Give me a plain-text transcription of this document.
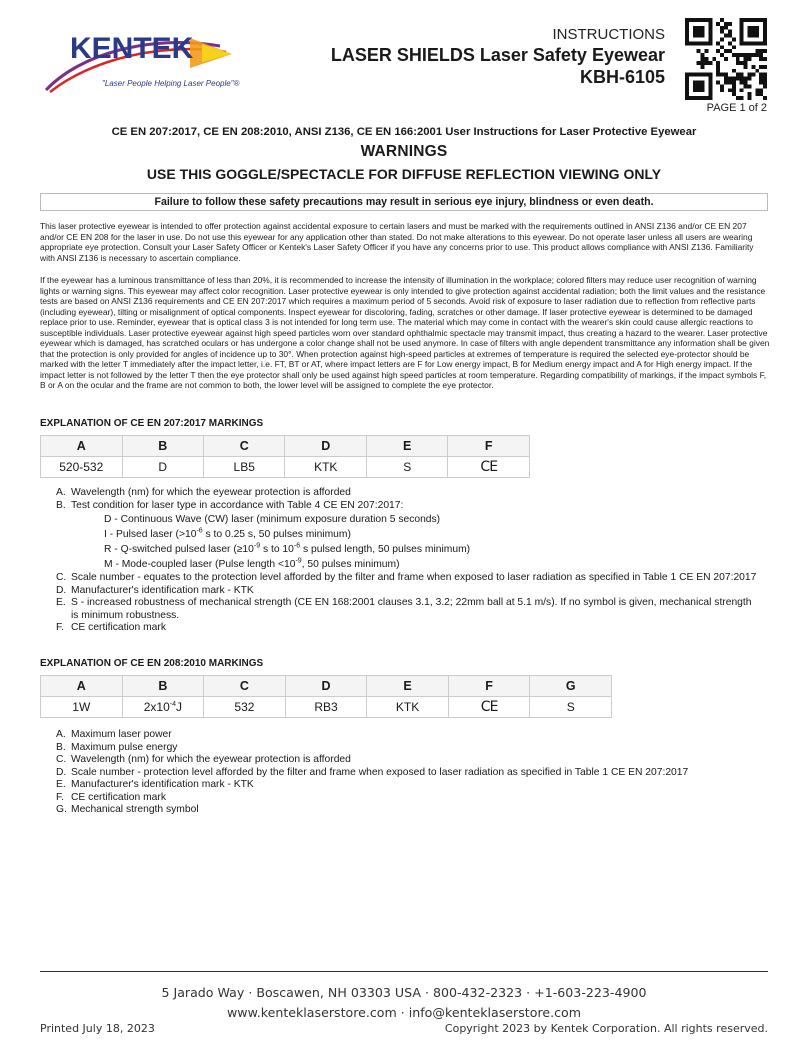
KENTEK
"Laser People Helping Laser People"®
INSTRUCTIONS
LASER SHIELDS Laser Safety Eyewear
KBH-6105
PAGE 1 of 2
CE EN 207:2017, CE EN 208:2010, ANSI Z136, CE EN 166:2001 User Instructions for Laser Protective Eyewear
WARNINGS
USE THIS GOGGLE/SPECTACLE FOR DIFFUSE REFLECTION VIEWING ONLY
Failure to follow these safety precautions may result in serious eye injury, blindness or even death.
This laser protective eyewear is intended to offer protection against accidental exposure to certain lasers and must be marked with the requirements outlined in ANSI Z136 and/or CE EN 207 and/or CE EN 208 for the laser in use. Do not use this eyewear for any application other than stated. Do not make alterations to this eyewear. Do not operate laser unless all users are wearing appropriate eye protection. Consult your Laser Safety Officer or Kentek's Laser Safety Officer if you have any concerns prior to use. This product allows compliance with ANSI Z136. Familiarity with ANSI Z136 is necessary to ascertain compliance.
If the eyewear has a luminous transmittance of less than 20%, it is recommended to increase the intensity of illumination in the workplace; colored filters may reduce user recognition of warning lights or warning signs. This eyewear may affect color recognition. Laser protective eyewear is only intended to give protection against accidental radiation; both the limit values and the resistance tests are based on ANSI Z136 requirements and CE EN 207:2017 which requires a maximum period of 5 seconds. Avoid risk of exposure to laser radiation due to reflection from reflective parts (including eyewear), tilting or misalignment of optical components. Inspect eyewear for discoloring, fading, scratches or other damage. If laser protective eyewear is determined to be damaged replace prior to use. Reminder, eyewear that is optical class 3 is not intended for long term use. The material which may come in contact with the wearer's skin could cause allergic reactions to susceptible individuals. Laser protective eyewear against high speed particles worn over standard ophthalmic spectacle may transmit impact, thus creating a hazard to the wearer. Laser protective eyewear which is damaged, has scratched oculars or has undergone a color change shall not be used anymore. In case of filters with angle dependent transmittance any information shall be given that the protection is only provided for angles of incidence up to 30°. When protection against high-speed particles at extremes of temperature is required the selected eye-protector should be marked with the letter T immediately after the impact letter, i.e. FT, BT or AT, where impact letters are F for Low energy impact, B for Medium energy impact and A for High energy impact. If the impact letter is not followed by the letter T then the eye protector shall only be used against high speed particles at room temperature. Regarding compatibility of markings, if the impact symbols F, B or A on the ocular and the frame are not common to both, the lower level will be assigned to complete the eye protector.
EXPLANATION OF CE EN 207:2017 MARKINGS
A	B	C	D	E	F
520-532	D	LB5	KTK	S	CE
A. Wavelength (nm) for which the eyewear protection is afforded
B. Test condition for laser type in accordance with Table 4 CE EN 207:2017:
D - Continuous Wave (CW) laser (minimum exposure duration 5 seconds)
I - Pulsed laser ($>10^{-6}$ s to 0.25 s, 50 pulses minimum)
R - Q-switched pulsed laser ($\ge 10^{-9}$ s to $10^{-6}$ s pulsed length, 50 pulses minimum)
M - Mode-coupled laser (Pulse length $<10^{-9}$, 50 pulses minimum)
C. Scale number - equates to the protection level afforded by the filter and frame when exposed to laser radiation as specified in Table 1 CE EN 207:2017
D. Manufacturer's identification mark - KTK
E. S - increased robustness of mechanical strength (CE EN 168:2001 clauses 3.1, 3.2; 22mm ball at 5.1 m/s). If no symbol is given, mechanical strength is minimum robustness.
F. CE certification mark
EXPLANATION OF CE EN 208:2010 MARKINGS
A	B	C	D	E	F	G
1W	$2x10^{-4}J$	532	RB3	KTK	CE	S
A. Maximum laser power
B. Maximum pulse energy
C. Wavelength (nm) for which the eyewear protection is afforded
D. Scale number - protection level afforded by the filter and frame when exposed to laser radiation as specified in Table 1 CE EN 207:2017
E. Manufacturer's identification mark - KTK
F. CE certification mark
G. Mechanical strength symbol
5 Jarado Way · Boscawen, NH 03303 USA · 800-432-2323 · +1-603-223-4900
www.kenteklaserstore.com · info@kenteklaserstore.com
Printed July 18, 2023	Copyright 2023 by Kentek Corporation. All rights reserved.
